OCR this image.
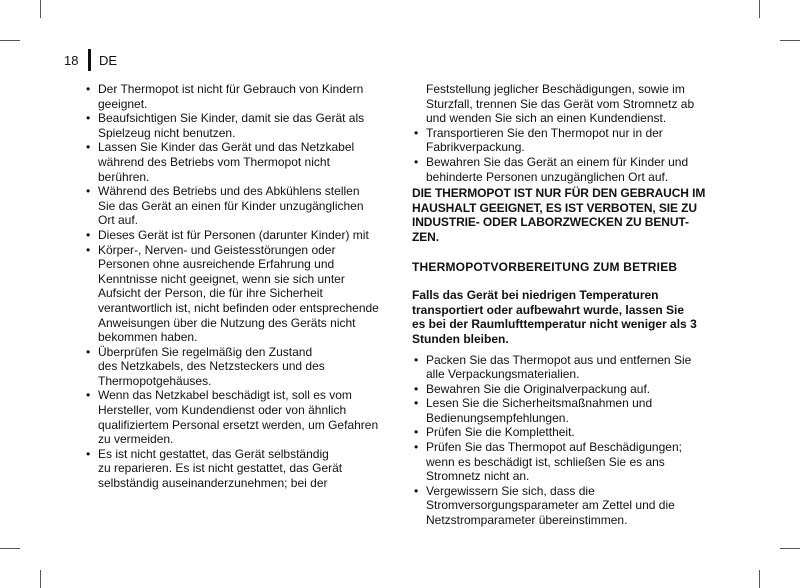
18	DE
• Der Thermopot ist nicht für Gebrauch von Kindern
geeignet.
• Beaufsichtigen Sie Kinder, damit sie das Gerät als
Spielzeug nicht benutzen.
• Lassen Sie Kinder das Gerät und das Netzkabel
während des Betriebs vom Thermopot nicht
berühren.
• Während des Betriebs und des Abkühlens stellen
Sie das Gerät an einen für Kinder unzugänglichen
Ort auf.
• Dieses Gerät ist für Personen (darunter Kinder) mit
• Körper-, Nerven- und Geistesstörungen oder
Personen ohne ausreichende Erfahrung und
Kenntnisse nicht geeignet, wenn sie sich unter
Aufsicht der Person, die für ihre Sicherheit
verantwortlich ist, nicht befinden oder entsprechende
Anweisungen über die Nutzung des Geräts nicht
bekommen haben.
• Überprüfen Sie regelmäßig den Zustand
des Netzkabels, des Netzsteckers und des
Thermopotgehäuses.
• Wenn das Netzkabel beschädigt ist, soll es vom
Hersteller, vom Kundendienst oder von ähnlich
qualifiziertem Personal ersetzt werden, um Gefahren
zu vermeiden.
• Es ist nicht gestattet, das Gerät selbständig
zu reparieren. Es ist nicht gestattet, das Gerät
selbständig auseinanderzunehmen; bei der
Feststellung jeglicher Beschädigungen, sowie im
Sturzfall, trennen Sie das Gerät vom Stromnetz ab
und wenden Sie sich an einen Kundendienst.
• Transportieren Sie den Thermopot nur in der
Fabrikverpackung.
• Bewahren Sie das Gerät an einem für Kinder und
behinderte Personen unzugänglichen Ort auf.
DIE THERMOPOT IST NUR FÜR DEN GEBRAUCH IM
HAUSHALT GEEIGNET, ES IST VERBOTEN, SIE ZU
INDUSTRIE- ODER LABORZWECKEN ZU BENUT-
ZEN.
THERMOPOTVORBEREITUNG ZUM BETRIEB
Falls das Gerät bei niedrigen Temperaturen
transportiert oder aufbewahrt wurde, lassen Sie
es bei der Raumlufttemperatur nicht weniger als 3
Stunden bleiben.
• Packen Sie das Thermopot aus und entfernen Sie
alle Verpackungsmaterialien.
• Bewahren Sie die Originalverpackung auf.
• Lesen Sie die Sicherheitsmaßnahmen und
Bedienungsempfehlungen.
• Prüfen Sie die Komplettheit.
• Prüfen Sie das Thermopot auf Beschädigungen;
wenn es beschädigt ist, schließen Sie es ans
Stromnetz nicht an.
• Vergewissern Sie sich, dass die
Stromversorgungsparameter am Zettel und die
Netzstromparameter übereinstimmen.
